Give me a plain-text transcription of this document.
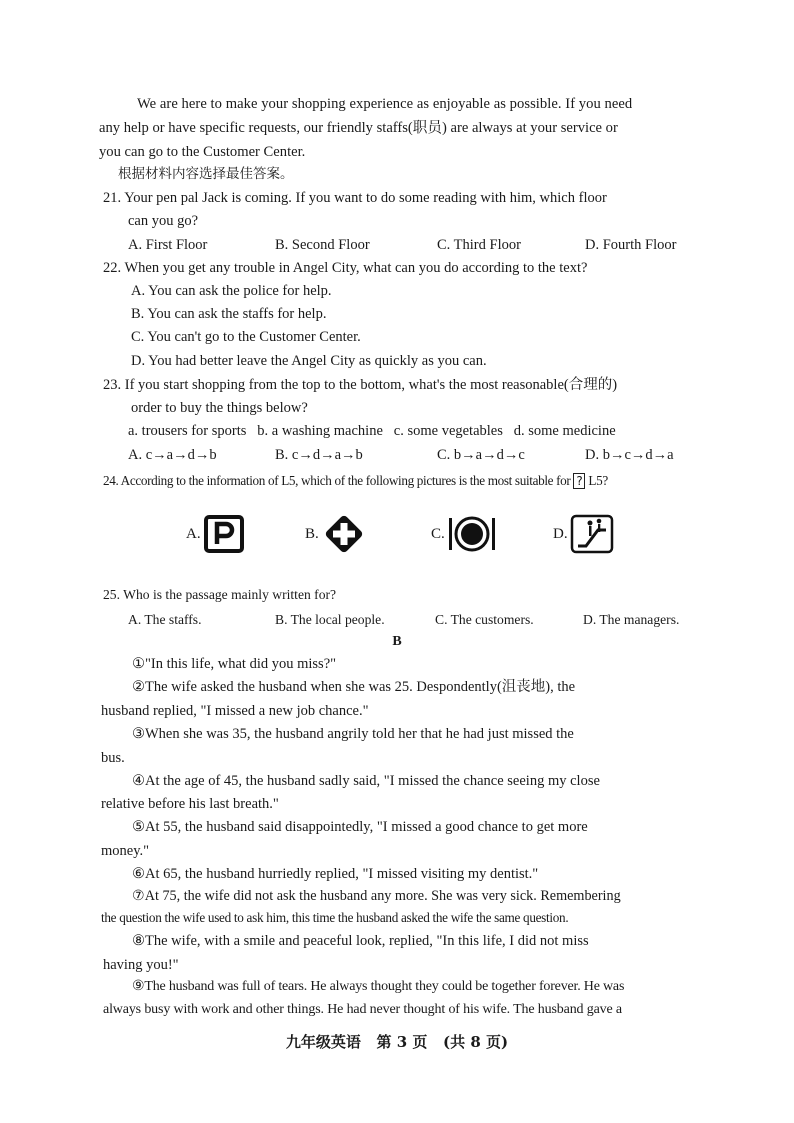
We are here to make your shopping experience as enjoyable as possible. If you need
any help or have specific requests, our friendly staffs(职员) are always at your service or
you can go to the Customer Center.
根据材料内容选择最佳答案。
21. Your pen pal Jack is coming. If you want to do some reading with him, which floor
can you go?
A. First Floor	B. Second Floor	C. Third Floor	D. Fourth Floor
22. When you get any trouble in Angel City, what can you do according to the text?
A. You can ask the police for help.
B. You can ask the staffs for help.
C. You can't go to the Customer Center.
D. You had better leave the Angel City as quickly as you can.
23. If you start shopping from the top to the bottom, what's the most reasonable(合理的)
order to buy the things below?
a. trousers for sports   b. a washing machine   c. some vegetables   d. some medicine
A. c→a→d→b	B. c→d→a→b	C. b→a→d→c	D. b→c→d→a
24. According to the information of L5, which of the following pictures is the most suitable for ? L5?
A.	B.	C.	D.
25. Who is the passage mainly written for?
A. The staffs.	B. The local people.	C. The customers.	D. The managers.
B
①"In this life, what did you miss?"
②The wife asked the husband when she was 25. Despondently(沮丧地), the
husband replied, "I missed a new job chance."
③When she was 35, the husband angrily told her that he had just missed the
bus.
④At the age of 45, the husband sadly said, "I missed the chance seeing my close
relative before his last breath."
⑤At 55, the husband said disappointedly, "I missed a good chance to get more
money."
⑥At 65, the husband hurriedly replied, "I missed visiting my dentist."
⑦At 75, the wife did not ask the husband any more. She was very sick. Remembering
the question the wife used to ask him, this time the husband asked the wife the same question.
⑧The wife, with a smile and peaceful look, replied, "In this life, I did not miss
having you!"
⑨The husband was full of tears. He always thought they could be together forever. He was
always busy with work and other things. He had never thought of his wife. The husband gave a
九年级英语   第 3 页   (共 8 页)
